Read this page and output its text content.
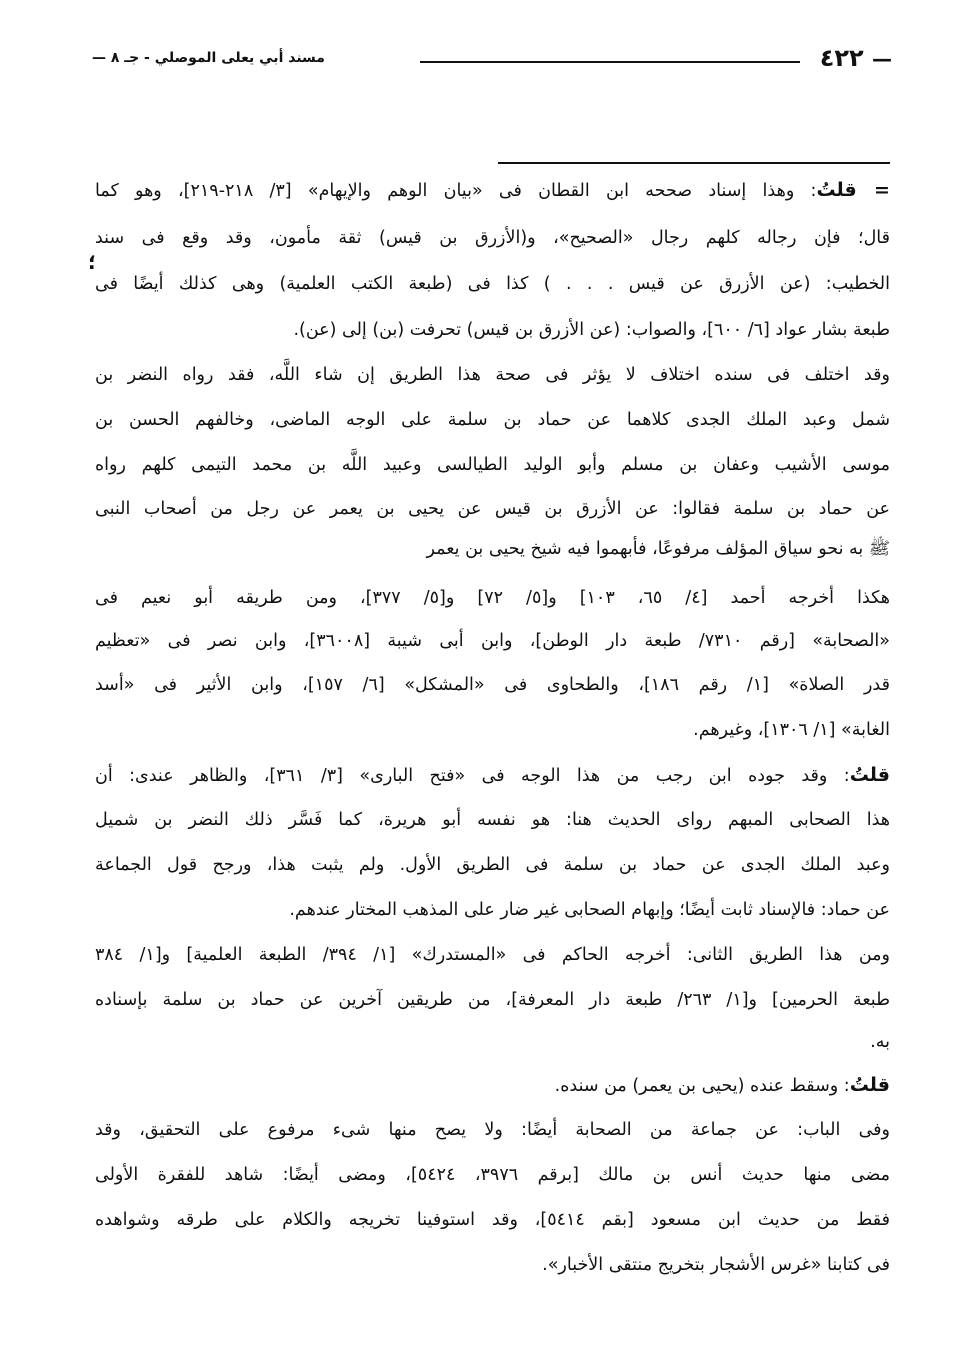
— ٤٢٢
مسند أبي يعلى الموصلي - جـ ٨ —
؛
= قلتُ: وهذا إسناد صححه ابن القطان فى «بيان الوهم والإيهام» [٣/ ٢١٨-٢١٩]، وهو كما
قال؛ فإن رجاله كلهم رجال «الصحيح»، و(الأزرق بن قيس) ثقة مأمون، وقد وقع فى سند
الخطيب: (عن الأزرق عن قيس . . . ) كذا فى (طبعة الكتب العلمية) وهى كذلك أيضًا فى
طبعة بشار عواد [٦/ ٦٠٠]، والصواب: (عن الأزرق بن قيس) تحرفت (بن) إلى (عن).
وقد اختلف فى سنده اختلاف لا يؤثر فى صحة هذا الطريق إن شاء اللَّه، فقد رواه النضر بن
شمل وعبد الملك الجدى كلاهما عن حماد بن سلمة على الوجه الماضى، وخالفهم الحسن بن
موسى الأشيب وعفان بن مسلم وأبو الوليد الطيالسى وعبيد اللَّه بن محمد التيمى كلهم رواه
عن حماد بن سلمة فقالوا: عن الأزرق بن قيس عن يحيى بن يعمر عن رجل من أصحاب النبى
ﷺ به نحو سياق المؤلف مرفوعًا، فأبهموا فيه شيخ يحيى بن يعمر
هكذا أخرجه أحمد [٤/ ٦٥، ١٠٣] و[٥/ ٧٢] و[٥/ ٣٧٧]، ومن طريقه أبو نعيم فى
«الصحابة» [رقم ٧٣١٠/ طبعة دار الوطن]، وابن أبى شيبة [٣٦٠٠٨]، وابن نصر فى «تعظيم
قدر الصلاة» [١/ رقم ١٨٦]، والطحاوى فى «المشكل» [٦/ ١٥٧]، وابن الأثير فى «أسد
الغابة» [١/ ١٣٠٦]، وغيرهم.
قلتُ: وقد جوده ابن رجب من هذا الوجه فى «فتح البارى» [٣/ ٣٦١]، والظاهر عندى: أن
هذا الصحابى المبهم روای الحديث هنا: هو نفسه أبو هريرة، كما فَسَّر ذلك النضر بن شميل
وعبد الملك الجدى عن حماد بن سلمة فى الطريق الأول. ولم يثبت هذا، ورجح قول الجماعة
عن حماد: فالإسناد ثابت أيضًا؛ وإبهام الصحابى غير ضار على المذهب المختار عندهم.
ومن هذا الطريق الثانى: أخرجه الحاكم فى «المستدرك» [١/ ٣٩٤/ الطبعة العلمية] و[١/ ٣٨٤
طبعة الحرمين] و[١/ ٢٦٣/ طبعة دار المعرفة]، من طريقين آخرين عن حماد بن سلمة بإسناده
به.
قلتُ: وسقط عنده (يحيى بن يعمر) من سنده.
وفى الباب: عن جماعة من الصحابة أيضًا: ولا يصح منها شىء مرفوع على التحقيق، وقد
مضى منها حديث أنس بن مالك [برقم ٣٩٧٦، ٥٤٢٤]، ومضى أيضًا: شاهد للفقرة الأولى
فقط من حديث ابن مسعود [بقم ٥٤١٤]، وقد استوفينا تخريجه والكلام على طرقه وشواهده
فى كتابنا «غرس الأشجار بتخريج منتقى الأخبار».
